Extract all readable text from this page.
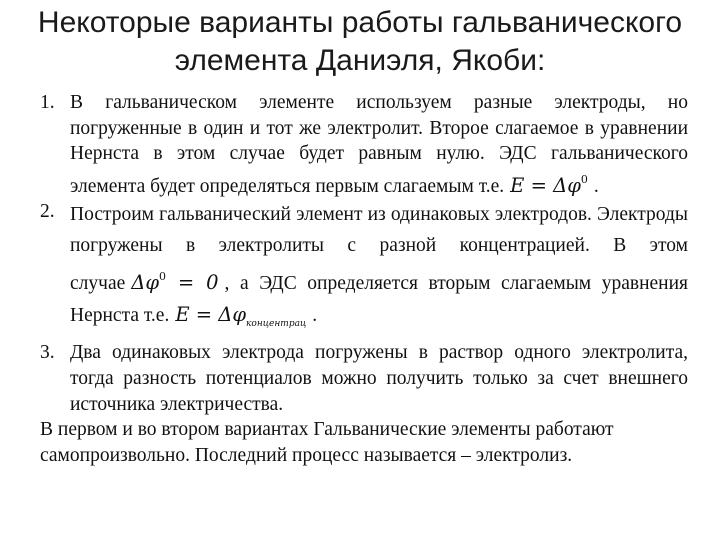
Некоторые варианты работы гальванического
элемента Даниэля, Якоби:
1. В гальваническом элементе используем разные электроды, но погруженные в один и тот же электролит. Второе слагаемое в уравнении Нернста в этом случае будет равным нулю. ЭДС гальванического элемента будет определяться первым слагаемым т.е. $E = \Delta\varphi^0$ .
2. Построим гальванический элемент из одинаковых электродов. Электроды погружены в электролиты с разной концентрацией. В этом случае $\Delta\varphi^0 = 0$ , а ЭДС определяется вторым слагаемым уравнения Нернста т.е. $E = \Delta\varphi_{концентрац}$ .
3. Два одинаковых электрода погружены в раствор одного электролита, тогда разность потенциалов можно получить только за счет внешнего источника электричества.

В первом и во втором вариантах Гальванические элементы работают самопроизвольно. Последний процесс называется – электролиз.
